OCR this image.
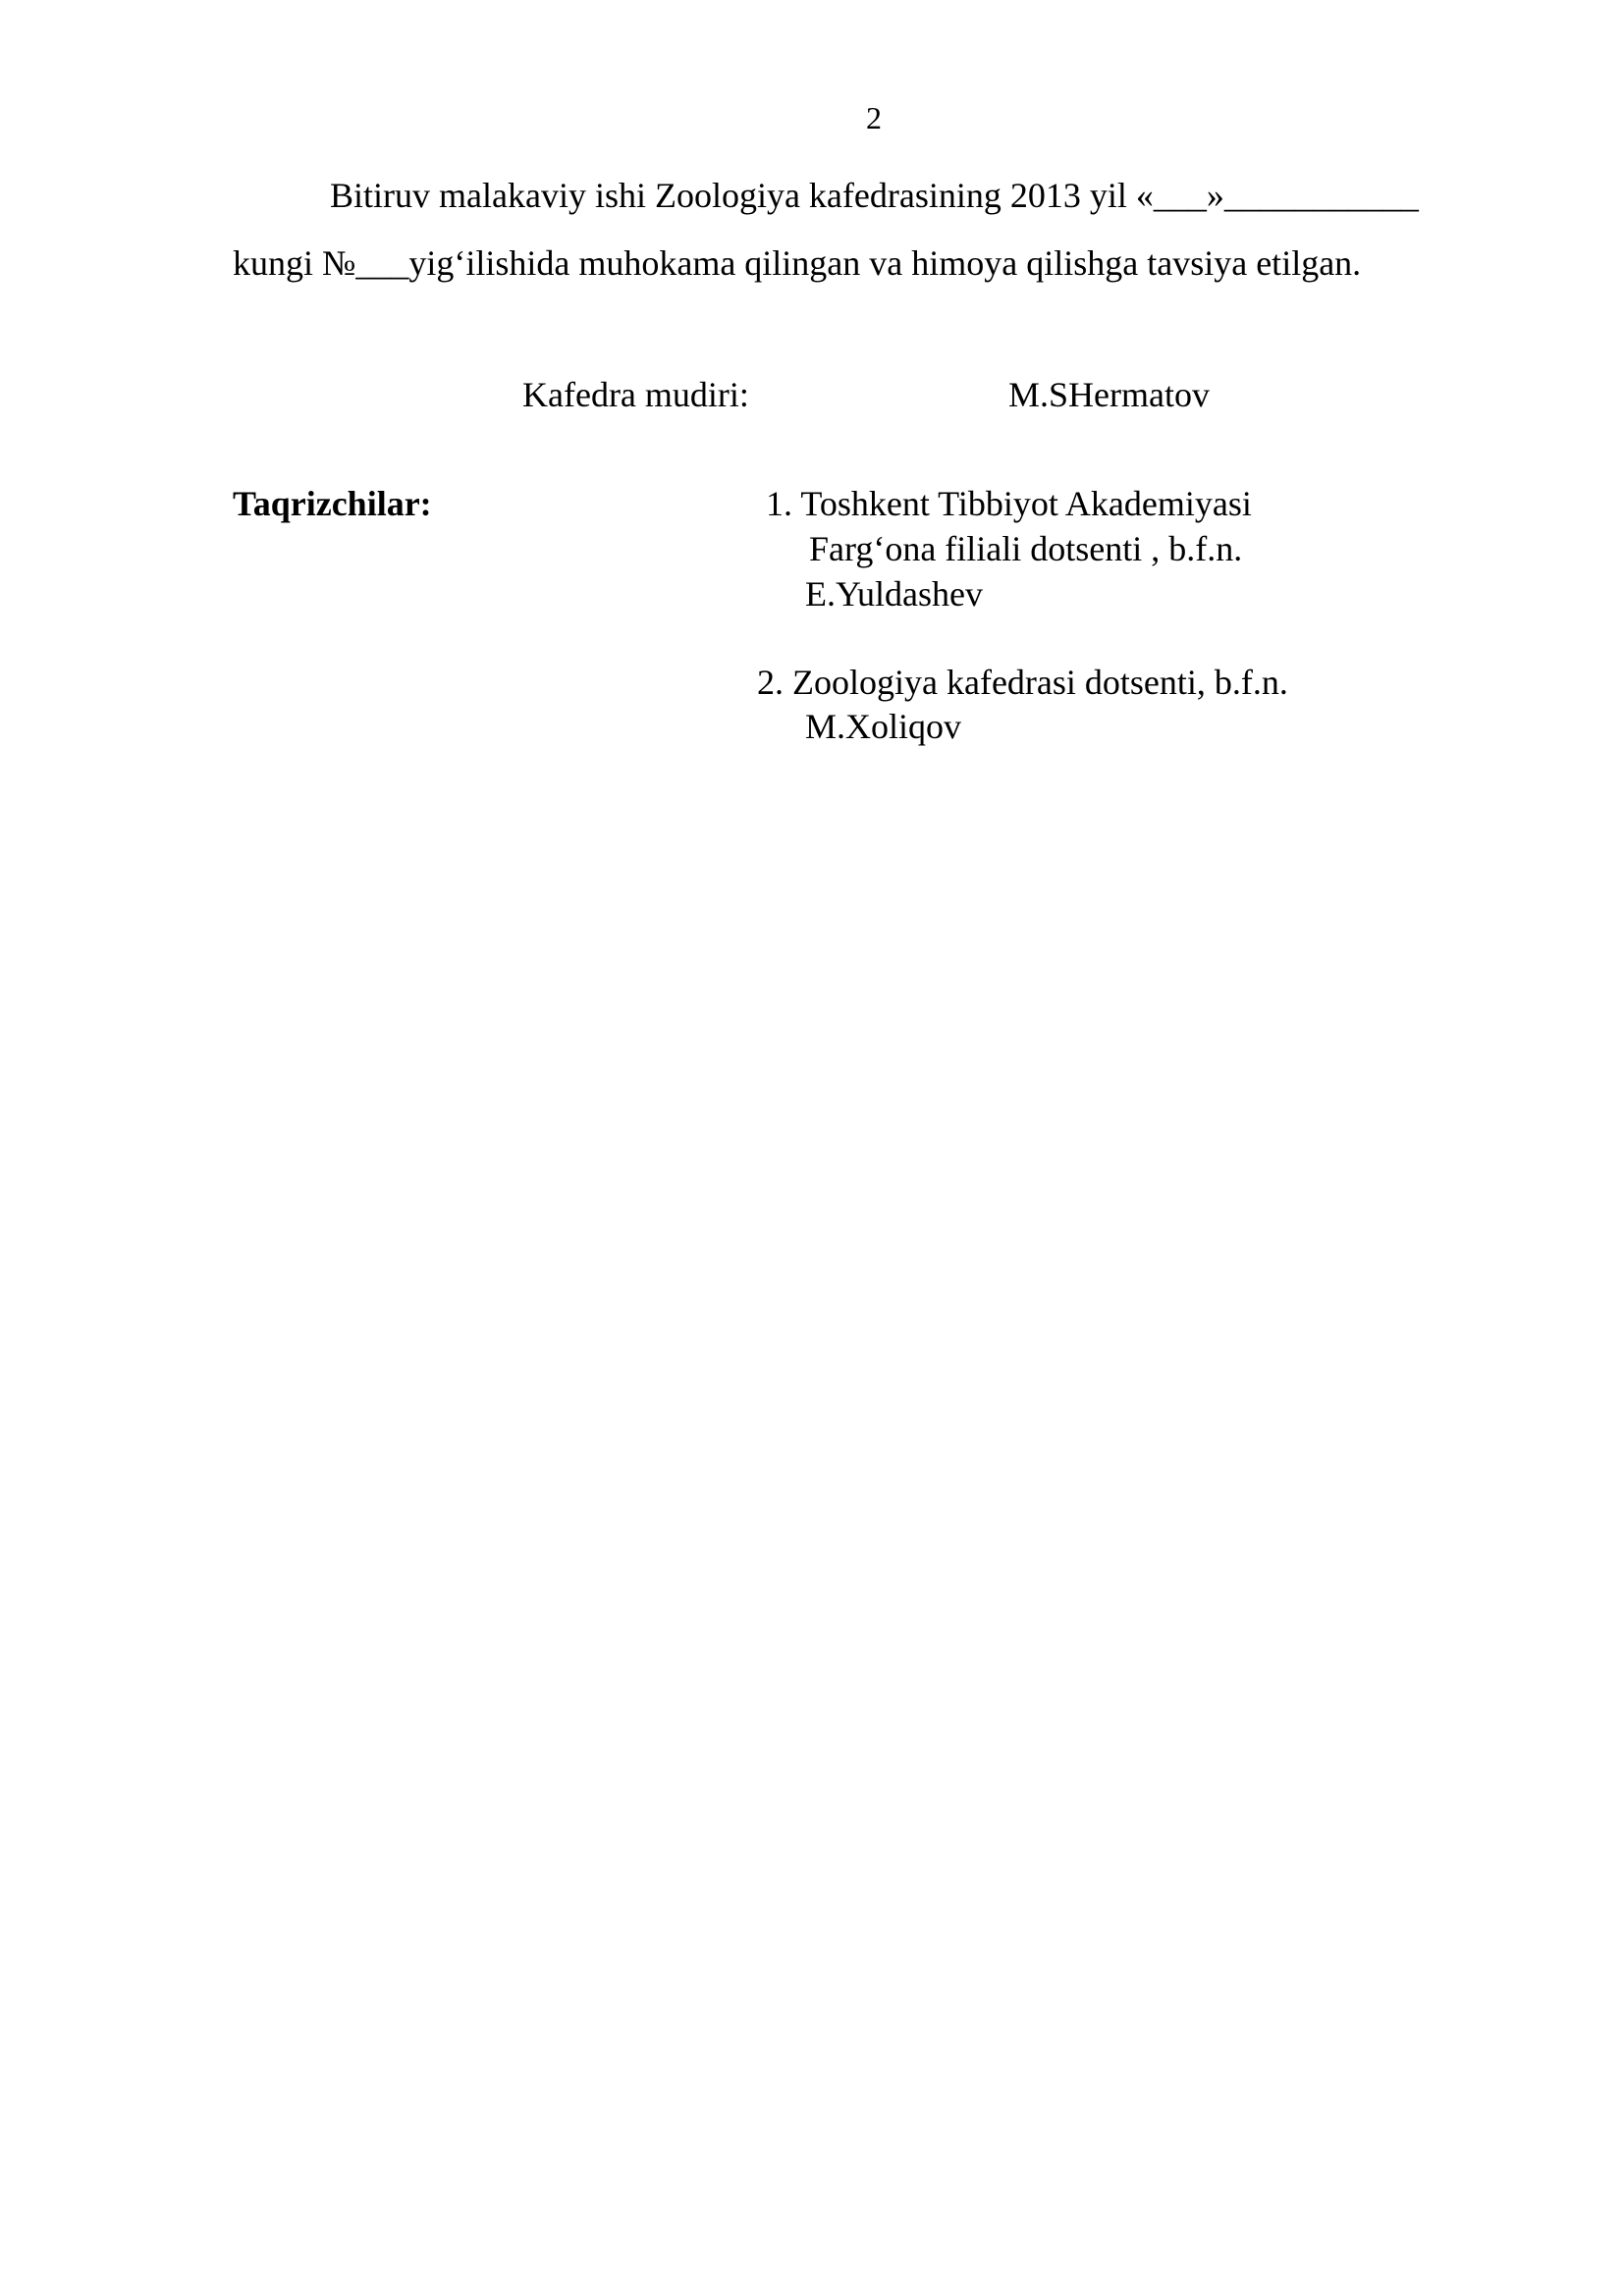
2
Bitiruv malakaviy ishi Zoologiya kafedrasining 2013 yil «___»___________
kungi №___yig‘ilishida muhokama qilingan va himoya qilishga tavsiya etilgan.
Kafedra mudiri:	M.SHermatov
Taqrizchilar:	1. Toshkent Tibbiyot Akademiyasi
Farg‘ona filiali dotsenti , b.f.n.
E.Yuldashev
2. Zoologiya kafedrasi dotsenti, b.f.n.
M.Xoliqov
